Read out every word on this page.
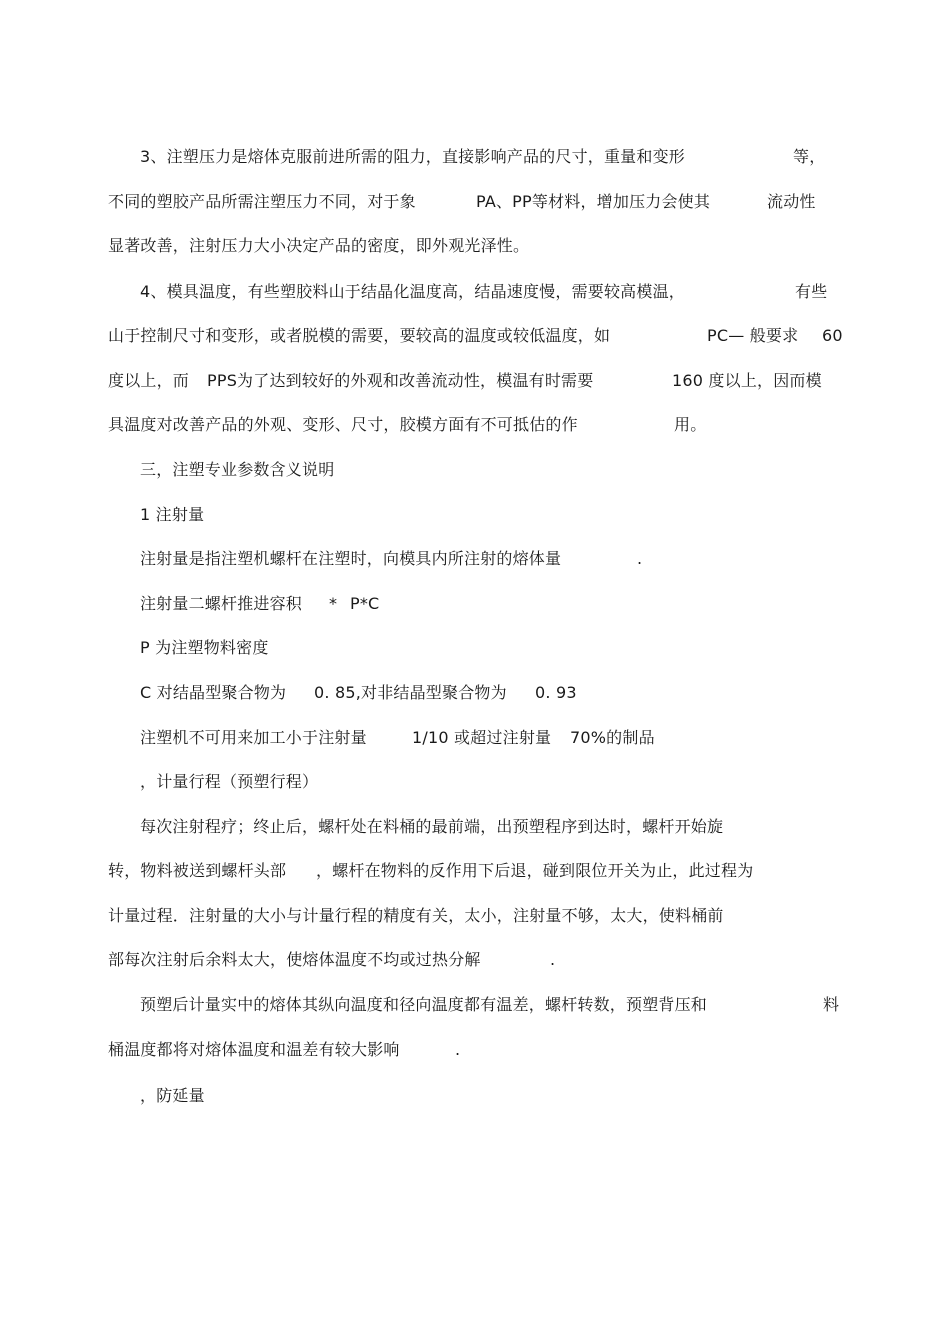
3、注塑压力是熔体克服前进所需的阻力，直接影响产品的尺寸，重量和变形	等，
不同的塑胶产品所需注塑压力不同，对于象	PA、PP等材料，增加压力会使其	流动性
显著改善，注射压力大小决定产品的密度，即外观光泽性。
4、模具温度，有些塑胶料山于结晶化温度高，结晶速度慢，需要较高模温，	有些
山于控制尺寸和变形，或者脱模的需要，要较高的温度或较低温度，如	PC— 般要求 60
度以上，而 PPS为了达到较好的外观和改善流动性，模温有时需要	160 度以上，因而模
具温度对改善产品的外观、变形、尺寸，胶模方面有不可抵估的作	用。
三，注塑专业参数含义说明
1 注射量
注射量是指注塑机螺杆在注塑时，向模具内所注射的熔体量	.
注射量二螺杆推进容积 * P*C
P 为注塑物料密度
C 对结晶型聚合物为 0. 85,对非结晶型聚合物为 0. 93
注塑机不可用来加工小于注射量	1/10 或超过注射量 70%的制品
，计量行程（预塑行程）
每次注射程疗；终止后，螺杆处在料桶的最前端，出预塑程序到达时，螺杆开始旋
转，物料被送到螺杆头部 ，螺杆在物料的反作用下后退，碰到限位开关为止，此过程为
计量过程．注射量的大小与计量行程的精度有关，太小，注射量不够，太大，使料桶前
部每次注射后余料太大，使熔体温度不均或过热分解	.
预塑后计量实中的熔体其纵向温度和径向温度都有温差，螺杆转数，预塑背压和	料
桶温度都将对熔体温度和温差有较大影响	.
，防延量
